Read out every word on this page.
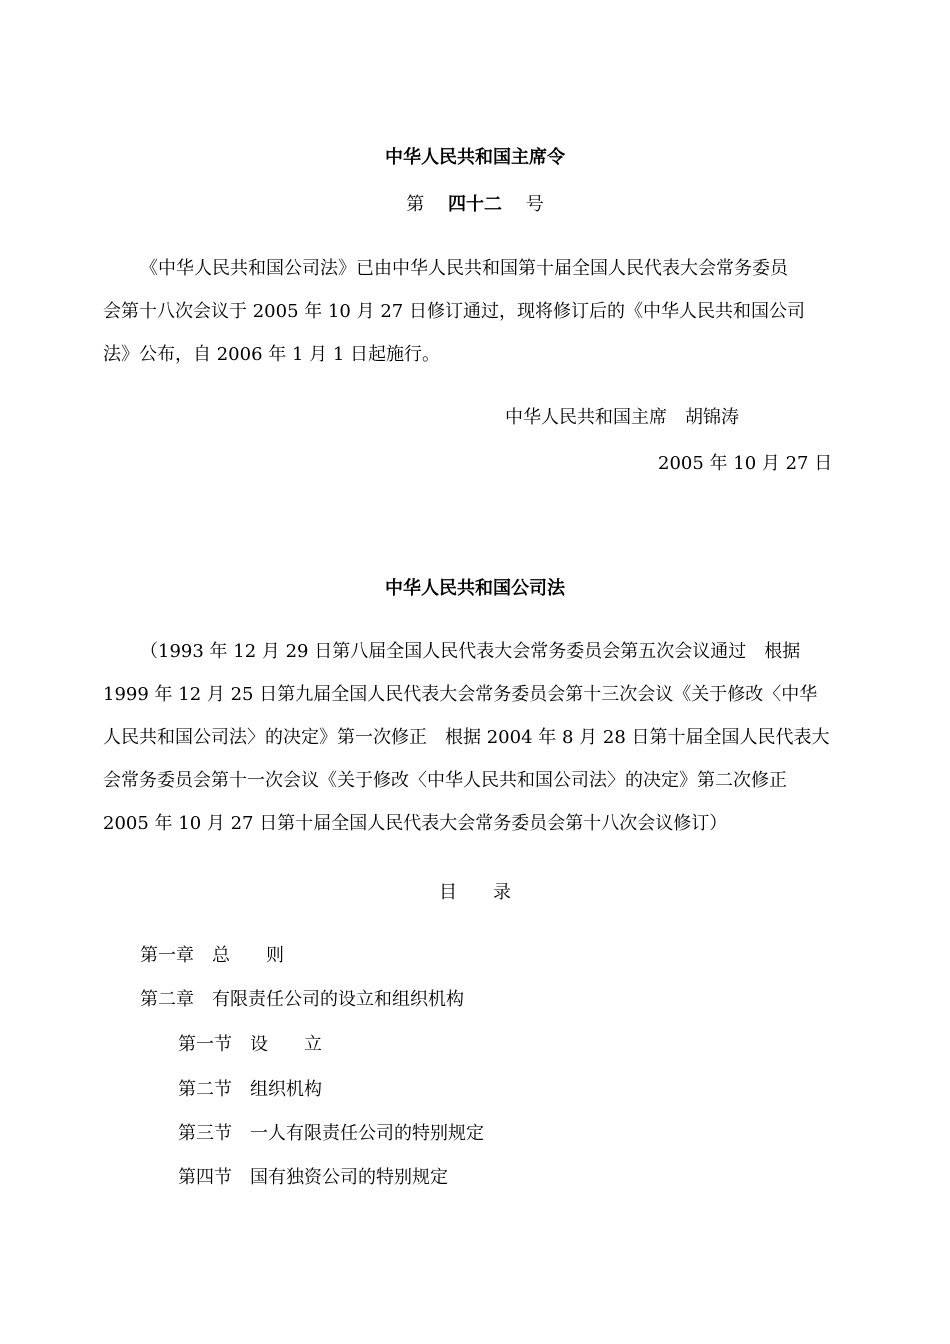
中华人民共和国主席令
第　 四十二　 号
《中华人民共和国公司法》已由中华人民共和国第十届全国人民代表大会常务委员
会第十八次会议于 2005 年 10 月 27 日修订通过，现将修订后的《中华人民共和国公司
法》公布，自 2006 年 1 月 1 日起施行。
中华人民共和国主席　胡锦涛
2005 年 10 月 27 日
中华人民共和国公司法
（1993 年 12 月 29 日第八届全国人民代表大会常务委员会第五次会议通过　根据
1999 年 12 月 25 日第九届全国人民代表大会常务委员会第十三次会议《关于修改〈中华
人民共和国公司法〉的决定》第一次修正　根据 2004 年 8 月 28 日第十届全国人民代表大
会常务委员会第十一次会议《关于修改〈中华人民共和国公司法〉的决定》第二次修正
2005 年 10 月 27 日第十届全国人民代表大会常务委员会第十八次会议修订）
目　　录
第一章　总　　则
第二章　有限责任公司的设立和组织机构
第一节　设　　立
第二节　组织机构
第三节　一人有限责任公司的特别规定
第四节　国有独资公司的特别规定
